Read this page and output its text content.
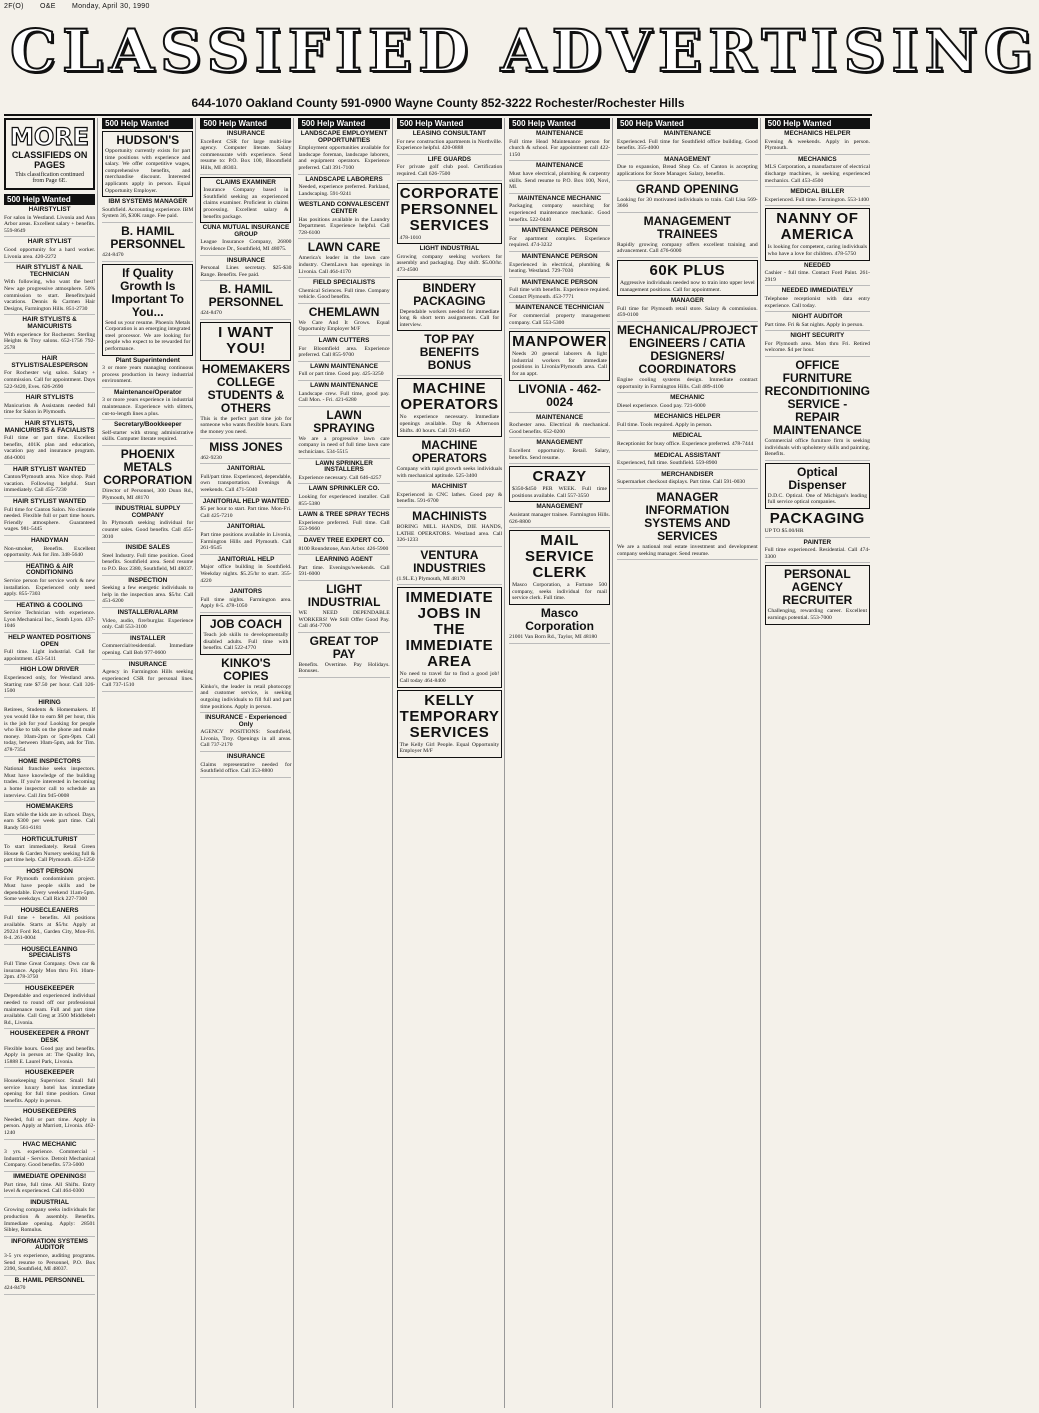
2F(O) O&E Monday, April 30, 1990
CLASSIFIED ADVERTISING
644-1070 Oakland County 591-0900 Wayne County 852-3222 Rochester/Rochester Hills
MORE
CLASSIFIEDS ON PAGES
This classification continued from Page 6E.
500 Help Wanted
HAIRSTYLIST
For salon in Westland. Livonia and Ann Arbor areas. Excellent salary + benefits. 559-8649
HAIR STYLIST
Good opportunity for a hard worker. Livonia area. 420-2272
HAIR STYLIST & NAIL TECHNICIAN
With following, who want the best! New age progressive atmosphere. 50% commission to start. Benefits/paid vacations. Dennis & Carmen Hair Designs, Farmington Hills. 851-2730
HAIR STYLISTS & MANICURISTS
With experience for Rochester. Sterling Heights & Troy salons. 652-1756 792-2578
HAIR STYLIST/SALESPERSON
For Rochester wig salon. Salary + commission. Call for appointment. Days 522-9420, Eves. 626-2690
HAIR STYLISTS
Manicurists & Assistants needed full time for Salon in Plymouth.
HAIR STYLISTS, MANICURISTS & FACIALISTS
Full time or part time. Excellent benefits, 401K plan and education, vacation pay and insurance program. 464-0001
HAIR STYLIST WANTED
Canton/Plymouth area. Nice shop. Paid vacation. Following helpful. Start immediately. Call 455-7230
HAIR STYLIST WANTED
Full time for Canton Salon. No clientele needed. Flexible full or part time hours. Friendly atmosphere. Guaranteed wages. 981-5445
HANDYMAN
Non-smoker, Benefits. Excellent opportunity. Ask for Jim. 348-5640
HEATING & AIR CONDITIONING
Service person for service work & new installation. Experienced only need apply. 855-7303
HEATING & COOLING
Service Technician with experience. Lyon Mechanical Inc., South Lyon. 437-1046
HELP WANTED POSITIONS OPEN
Full time. Light industrial. Call for appointment. 453-5411
HIGH LOW DRIVER
Experienced only, for Westland area. Starting rate $7.50 per hour. Call 326-1500
HIRING
Retirees, Students & Homemakers. If you would like to earn $8 per hour, this is the job for you! Looking for people who like to talk on the phone and make money. 10am-2pm or 5pm-9pm. Call today, between 10am-5pm, ask for Tim. 478-7354
HOME INSPECTORS
National franchise seeks inspectors. Must have knowledge of the building trades. If you're interested in becoming a home inspector call to schedule an interview. Call Jim 945-0008
HOMEMAKERS
Earn while the kids are in school. Days, earn $300 per week part time. Call Randy 561-6181
HORTICULTURIST
To start immediately. Retail Green House & Garden Nursery seeking full & part time help. Call Plymouth. 453-1250
HOST PERSON
For Plymouth condominium project. Must have people skills and be dependable. Every weekend 11am-5pm. Some weekdays. Call Rick 227-7300
HOUSECLEANERS
Full time + benefits. All positions available. Starts at $5/hr. Apply at 29224 Ford Rd., Garden City, Mon-Fri. 8-4. 261-0004
HOUSECLEANING SPECIALISTS
Full Time Great Company. Own car & insurance. Apply Mon thru Fri. 10am-2pm. 478-3750
HOUSEKEEPER
Dependable and experienced individual needed to round off our professional maintenance team. Full and part time available. Call Greg at 3500 Middlebelt Rd., Livonia.
HOUSEKEEPER & FRONT DESK
Flexible hours. Good pay and benefits. Apply in person at: The Quality Inn, 15888 E. Laurel Park, Livonia.
HOUSEKEEPER
Housekeeping Supervisor. Small full service luxury hotel has immediate opening for full time position. Great benefits. Apply in person.
HOUSEKEEPERS
Needed, full or part time. Apply in person. Apply at Marriott, Livonia. 462-1240
HVAC MECHANIC
3 yrs. experience. Commercial - Industrial - Service. Detroit Mechanical Company. Good benefits. 573-5000
IMMEDIATE OPENINGS!
Part time, full time. All Shifts. Entry level & experienced. Call 464-0300
INDUSTRIAL
Growing company seeks individuals for production & assembly. Benefits. Immediate opening. Apply: 28501 Sibley, Romulus.
INFORMATION SYSTEMS AUDITOR
3-5 yrs experience, auditing programs. Send resume to Personnel, P.O. Box 2390, Southfield, MI 48037.
B. HAMIL PERSONNEL
424-8470
500 Help Wanted
HUDSON'S
Opportunity currently exists for part time positions with experience and salary. We offer competitive wages, comprehensive benefits, and merchandise discount. Interested applicants apply in person. Equal Opportunity Employer.
IBM SYSTEMS MANAGER
Southfield. Accounting experience. IBM System 36, $30K range. Fee paid.
B. HAMIL PERSONNEL
424-8470
If Quality Growth Is Important To You...
Send us your resume. Phoenix Metals Corporation is an emerging integrated steel processor. We are looking for people who expect to be rewarded for performance.
Plant Superintendent
3 or more years managing continuous process production in heavy industrial environment.
Maintenance/Operator
3 or more years experience in industrial maintenance. Experience with slitters, cut-to-length lines a plus.
Secretary/Bookkeeper
Self-starter with strong administrative skills. Computer literate required.
PHOENIX METALS CORPORATION
Director of Personnel, 300 Dunn Rd., Plymouth, MI 48170
INDUSTRIAL SUPPLY COMPANY
In Plymouth seeking individual for counter sales. Good benefits. Call 455-3010
INSIDE SALES
Steel Industry. Full time position. Good benefits. Southfield area. Send resume to P.O. Box 2380, Southfield, MI 48037.
INSPECTION
Seeking a few energetic individuals to help in the inspection area. $5/hr. Call 451-6200
INSTALLER/ALARM
Video, audio, fire/burglar. Experience only. Call 553-3100
INSTALLER
Commercial/residential. Immediate opening. Call Bob 977-0600
INSURANCE
Agency in Farmington Hills seeking experienced CSR for personal lines. Call 737-1510
500 Help Wanted
INSURANCE
Excellent CSR for large multi-line agency. Computer literate. Salary commensurate with experience. Send resume to: P.O. Box 100, Bloomfield Hills, MI 48303.
CLAIMS EXAMINER
Insurance Company based in Southfield seeking an experienced claims examiner. Proficient in claims processing. Excellent salary & benefits package.
CUNA MUTUAL INSURANCE GROUP
League Insurance Company, 26800 Providence Dr., Southfield, MI 48075.
INSURANCE
Personal Lines secretary. $25-$30 Range. Benefits. Fee paid.
B. HAMIL PERSONNEL
424-8470
I WANT YOU!
HOMEMAKERS COLLEGE STUDENTS & OTHERS
This is the perfect part time job for someone who wants flexible hours. Earn the money you need.
MISS JONES
462-9230
JANITORIAL
Full/part time. Experienced, dependable, own transportation. Evenings & weekends. Call 471-5040
JANITORIAL HELP WANTED
$5 per hour to start. Part time. Mon-Fri. Call 425-7210
JANITORIAL
Part time positions available in Livonia, Farmington Hills and Plymouth. Call 261-9545
JANITORIAL HELP
Major office building in Southfield. Weekday nights. $5.25/hr to start. 355-4220
JANITORS
Full time nights. Farmington area. Apply 8-5. 478-1050
JOB COACH
Teach job skills to developmentally disabled adults. Full time with benefits. Call 522-4770
KINKO'S COPIES
Kinko's, the leader in retail photocopy and customer service, is seeking outgoing individuals to fill full and part time positions. Apply in person.
INSURANCE - Experienced Only
AGENCY POSITIONS: Southfield, Livonia, Troy. Openings in all areas. Call 737-2170
INSURANCE
Claims representative needed for Southfield office. Call 353-8800
500 Help Wanted
LANDSCAPE EMPLOYMENT OPPORTUNITIES
Employment opportunities available for landscape foreman, landscape laborers, and equipment operators. Experience preferred. Call 391-7100
LANDSCAPE LABORERS
Needed, experience preferred. Parkland, Landscaping. 591-9241
WESTLAND CONVALESCENT CENTER
Has positions available in the Laundry Department. Experience helpful. Call 728-6100
LAWN CARE
America's leader in the lawn care industry. ChemLawn has openings in Livonia. Call 464-4170
FIELD SPECIALISTS
Chemical Sciences. Full time. Company vehicle. Good benefits.
CHEMLAWN
We Care And It Grows. Equal Opportunity Employer M/F
LAWN CUTTERS
For Bloomfield area. Experience preferred. Call 855-9700
LAWN MAINTENANCE
Full or part time. Good pay. 425-3250
LAWN MAINTENANCE
Landscape crew. Full time, good pay. Call Mon. - Fri. 421-6280
LAWN SPRAYING
We are a progressive lawn care company in need of full time lawn care technicians. 534-5515
LAWN SPRINKLER INSTALLERS
Experience necessary. Call 646-4257
LAWN SPRINKLER CO.
Looking for experienced installer. Call 855-5380
LAWN & TREE SPRAY TECHS
Experience preferred. Full time. Call 553-9660
DAVEY TREE EXPERT CO.
8100 Roundstone, Ann Arbor. 426-5900
LEARNING AGENT
Part time. Evenings/weekends. Call 591-6000
LIGHT INDUSTRIAL
WE NEED DEPENDABLE WORKERS! We Still Offer Good Pay. Call 464-7700
GREAT TOP PAY
Benefits. Overtime. Pay Holidays. Bonuses.
500 Help Wanted
LEASING CONSULTANT
For new construction apartments in Northville. Experience helpful. 420-0888
LIFE GUARDS
For private golf club pool. Certification required. Call 626-7500
CORPORATE PERSONNEL SERVICES
478-1010
LIGHT INDUSTRIAL
Growing company seeking workers for assembly and packaging. Day shift. $5.00/hr. 473-4500
BINDERY PACKAGING
Dependable workers needed for immediate long & short term assignments. Call for interview.
TOP PAY BENEFITS BONUS
MACHINE OPERATORS
No experience necessary. Immediate openings available. Day & Afternoon Shifts. 40 hours. Call 591-8450
MACHINE OPERATORS
Company with rapid growth seeks individuals with mechanical aptitude. 525-3400
MACHINIST
Experienced in CNC lathes. Good pay & benefits. 591-6700
MACHINISTS
BORING MILL HANDS, DIE HANDS, LATHE OPERATORS. Westland area. Call 326-1233
VENTURA INDUSTRIES
(1.9L.E.) Plymouth, MI 48170
IMMEDIATE JOBS IN THE IMMEDIATE AREA
No need to travel far to find a good job! Call today 464-8400
KELLY TEMPORARY SERVICES
The Kelly Girl People. Equal Opportunity Employer M/F
500 Help Wanted
MAINTENANCE
Full time Head Maintenance person for church & school. For appointment call 422-1150
MAINTENANCE
Must have electrical, plumbing & carpentry skills. Send resume to P.O. Box 100, Novi, MI.
MAINTENANCE MECHANIC
Packaging company searching for experienced maintenance mechanic. Good benefits. 522-0440
MAINTENANCE PERSON
For apartment complex. Experience required. 474-3232
MAINTENANCE PERSON
Experienced in electrical, plumbing & heating. Westland. 729-7030
MAINTENANCE PERSON
Full time with benefits. Experience required. Contact Plymouth. 453-7771
MAINTENANCE TECHNICIAN
For commercial property management company. Call 553-5300
MANPOWER
Needs 20 general laborers & light industrial workers for immediate positions in Livonia/Plymouth area. Call for an appt.
LIVONIA - 462-0024
MAINTENANCE
Rochester area. Electrical & mechanical. Good benefits. 652-0200
MANAGEMENT
Excellent opportunity. Retail. Salary, benefits. Send resume.
CRAZY
$350-$450 PER WEEK. Full time positions available. Call 557-3550
MANAGEMENT
Assistant manager trainee. Farmington Hills. 626-8800
MAIL SERVICE CLERK
Masco Corporation, a Fortune 500 company, seeks individual for mail service clerk. Full time.
Masco Corporation
21001 Van Born Rd., Taylor, MI 48180
500 Help Wanted
MAINTENANCE
Experienced. Full time for Southfield office building. Good benefits. 355-4000
MANAGEMENT
Due to expansion, Bread Shop Co. of Canton is accepting applications for Store Manager. Salary, benefits.
GRAND OPENING
Looking for 30 motivated individuals to train. Call Lisa 569-3666
MANAGEMENT TRAINEES
Rapidly growing company offers excellent training and advancement. Call 476-6000
60K PLUS
Aggressive individuals needed now to train into upper level management positions. Call for appointment.
MANAGER
Full time for Plymouth retail store. Salary & commission. 459-0100
MECHANICAL/PROJECT ENGINEERS / CATIA DESIGNERS/ COORDINATORS
Engine cooling systems design. Immediate contract opportunity in Farmington Hills. Call 489-4100
MECHANIC
Diesel experience. Good pay. 721-6000
MECHANICS HELPER
Full time. Tools required. Apply in person.
MEDICAL
Receptionist for busy office. Experience preferred. 478-7444
MEDICAL ASSISTANT
Experienced, full time. Southfield. 559-8900
MERCHANDISER
Supermarket checkout displays. Part time. Call 591-0030
MANAGER INFORMATION SYSTEMS AND SERVICES
We are a national real estate investment and development company seeking manager. Send resume.
500 Help Wanted
MECHANICS HELPER
Evening & weekends. Apply in person. Plymouth.
MECHANICS
MLS Corporation, a manufacturer of electrical discharge machines, is seeking experienced mechanics. Call 453-4500
MEDICAL BILLER
Experienced. Full time. Farmington. 553-1400
NANNY OF AMERICA
Is looking for competent, caring individuals who have a love for children. 478-5750
NEEDED
Cashier - full time. Contact Ford Paint. 261-2919
NEEDED IMMEDIATELY
Telephone receptionist with data entry experience. Call today.
NIGHT AUDITOR
Part time. Fri & Sat nights. Apply in person.
NIGHT SECURITY
For Plymouth area. Mon thru Fri. Retired welcome. $4 per hour.
OFFICE FURNITURE RECONDITIONING SERVICE - REPAIR MAINTENANCE
Commercial office furniture firm is seeking individuals with upholstery skills and painting. Benefits.
Optical Dispenser
D.D.C. Optical. One of Michigan's leading full service optical companies.
PACKAGING
UP TO $5.00/HR
PAINTER
Full time experienced. Residential. Call 474-3300
PERSONAL AGENCY RECRUITER
Challenging, rewarding career. Excellent earnings potential. 553-7000
